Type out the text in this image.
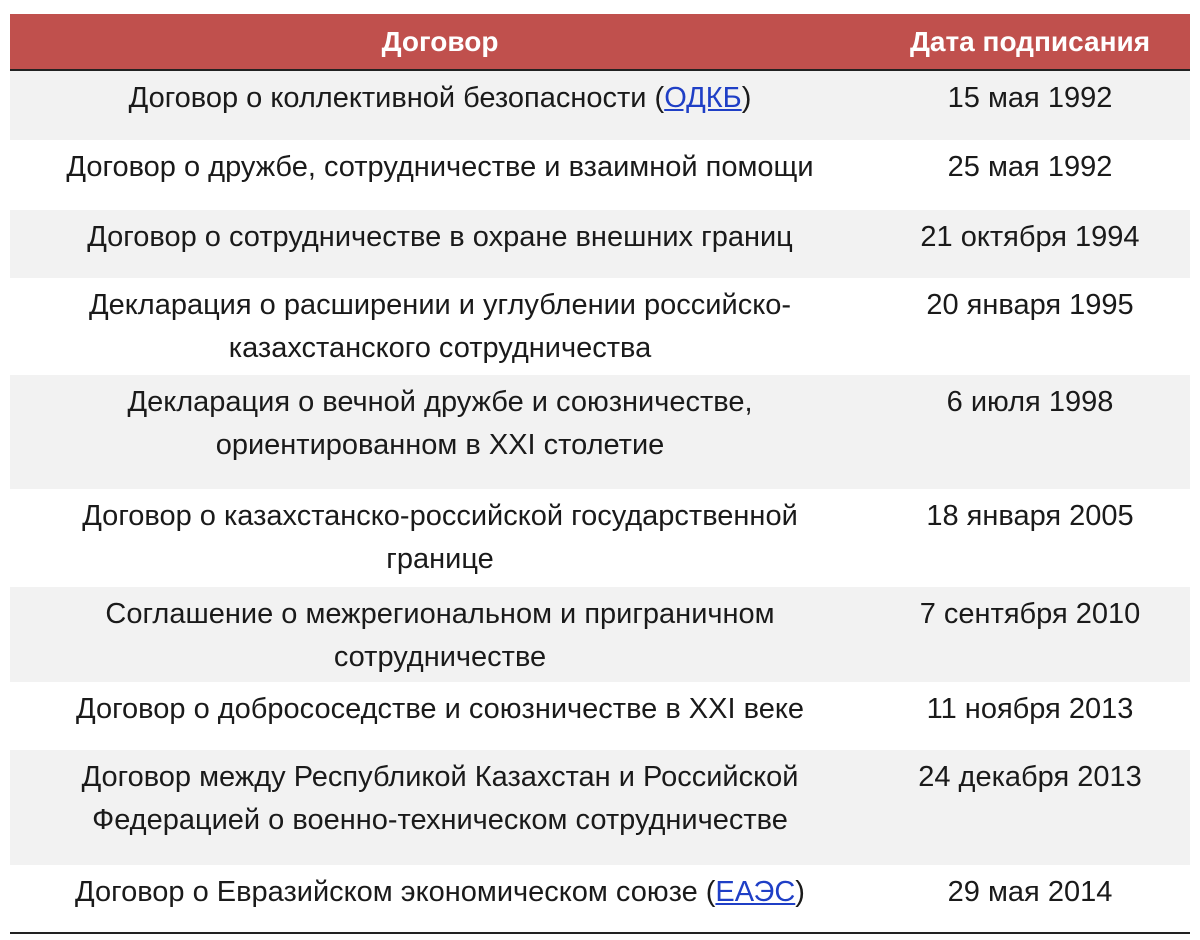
Договор	Дата подписания
Договор о коллективной безопасности (ОДКБ)	15 мая 1992
Договор о дружбе, сотрудничестве и взаимной помощи	25 мая 1992
Договор о сотрудничестве в охране внешних границ	21 октября 1994
Декларация о расширении и углублении российско-
казахстанского сотрудничества	20 января 1995
Декларация о вечной дружбе и союзничестве,
ориентированном в XXI столетие	6 июля 1998
Договор о казахстанско-российской государственной
границе	18 января 2005
Соглашение о межрегиональном и приграничном
сотрудничестве	7 сентября 2010
Договор о добрососедстве и союзничестве в XXI веке	11 ноября 2013
Договор между Республикой Казахстан и Российской
Федерацией о военно-техническом сотрудничестве	24 декабря 2013
Договор о Евразийском экономическом союзе (ЕАЭС)	29 мая 2014
